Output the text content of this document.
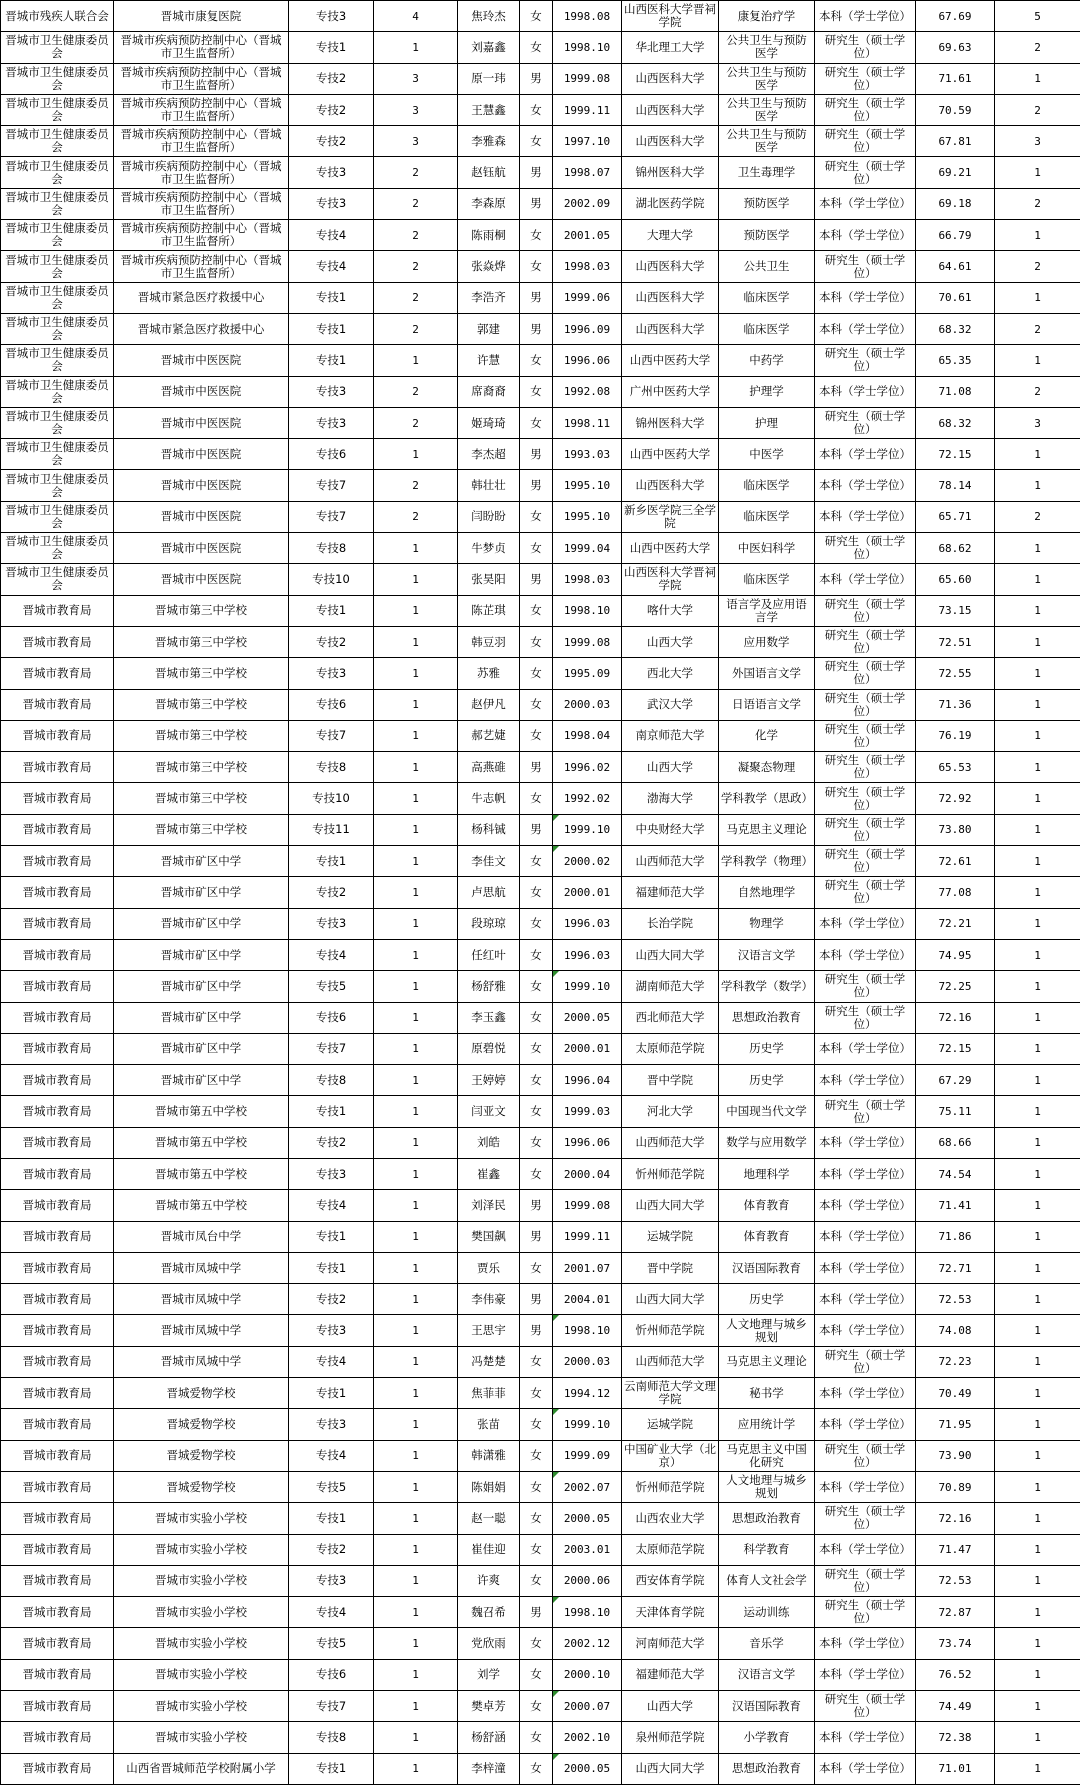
晋城市残疾人联合会	晋城市康复医院	专技3	4	焦玲杰	女	1998.08	山西医科大学晋祠学院	康复治疗学	本科（学士学位）	67.69	5
晋城市卫生健康委员会	晋城市疾病预防控制中心（晋城市卫生监督所）	专技1	1	刘嘉鑫	女	1998.10	华北理工大学	公共卫生与预防医学	研究生（硕士学位）	69.63	2
晋城市卫生健康委员会	晋城市疾病预防控制中心（晋城市卫生监督所）	专技2	3	原一玮	男	1999.08	山西医科大学	公共卫生与预防医学	研究生（硕士学位）	71.61	1
晋城市卫生健康委员会	晋城市疾病预防控制中心（晋城市卫生监督所）	专技2	3	王慧鑫	女	1999.11	山西医科大学	公共卫生与预防医学	研究生（硕士学位）	70.59	2
晋城市卫生健康委员会	晋城市疾病预防控制中心（晋城市卫生监督所）	专技2	3	李雅森	女	1997.10	山西医科大学	公共卫生与预防医学	研究生（硕士学位）	67.81	3
晋城市卫生健康委员会	晋城市疾病预防控制中心（晋城市卫生监督所）	专技3	2	赵钰航	男	1998.07	锦州医科大学	卫生毒理学	研究生（硕士学位）	69.21	1
晋城市卫生健康委员会	晋城市疾病预防控制中心（晋城市卫生监督所）	专技3	2	李森原	男	2002.09	湖北医药学院	预防医学	本科（学士学位）	69.18	2
晋城市卫生健康委员会	晋城市疾病预防控制中心（晋城市卫生监督所）	专技4	2	陈雨桐	女	2001.05	大理大学	预防医学	本科（学士学位）	66.79	1
晋城市卫生健康委员会	晋城市疾病预防控制中心（晋城市卫生监督所）	专技4	2	张焱烨	女	1998.03	山西医科大学	公共卫生	研究生（硕士学位）	64.61	2
晋城市卫生健康委员会	晋城市紧急医疗救援中心	专技1	2	李浩齐	男	1999.06	山西医科大学	临床医学	本科（学士学位）	70.61	1
晋城市卫生健康委员会	晋城市紧急医疗救援中心	专技1	2	郭建	男	1996.09	山西医科大学	临床医学	本科（学士学位）	68.32	2
晋城市卫生健康委员会	晋城市中医医院	专技1	1	许慧	女	1996.06	山西中医药大学	中药学	研究生（硕士学位）	65.35	1
晋城市卫生健康委员会	晋城市中医医院	专技3	2	席裔裔	女	1992.08	广州中医药大学	护理学	本科（学士学位）	71.08	2
晋城市卫生健康委员会	晋城市中医医院	专技3	2	姬琦琦	女	1998.11	锦州医科大学	护理	研究生（硕士学位）	68.32	3
晋城市卫生健康委员会	晋城市中医医院	专技6	1	李杰超	男	1993.03	山西中医药大学	中医学	本科（学士学位）	72.15	1
晋城市卫生健康委员会	晋城市中医医院	专技7	2	韩壮壮	男	1995.10	山西医科大学	临床医学	本科（学士学位）	78.14	1
晋城市卫生健康委员会	晋城市中医医院	专技7	2	闫盼盼	女	1995.10	新乡医学院三全学院	临床医学	本科（学士学位）	65.71	2
晋城市卫生健康委员会	晋城市中医医院	专技8	1	牛梦贞	女	1999.04	山西中医药大学	中医妇科学	研究生（硕士学位）	68.62	1
晋城市卫生健康委员会	晋城市中医医院	专技10	1	张昊阳	男	1998.03	山西医科大学晋祠学院	临床医学	本科（学士学位）	65.60	1
晋城市教育局	晋城市第三中学校	专技1	1	陈芷琪	女	1998.10	喀什大学	语言学及应用语言学	研究生（硕士学位）	73.15	1
晋城市教育局	晋城市第三中学校	专技2	1	韩豆羽	女	1999.08	山西大学	应用数学	研究生（硕士学位）	72.51	1
晋城市教育局	晋城市第三中学校	专技3	1	苏雅	女	1995.09	西北大学	外国语言文学	研究生（硕士学位）	72.55	1
晋城市教育局	晋城市第三中学校	专技6	1	赵伊凡	女	2000.03	武汉大学	日语语言文学	研究生（硕士学位）	71.36	1
晋城市教育局	晋城市第三中学校	专技7	1	郝艺婕	女	1998.04	南京师范大学	化学	研究生（硕士学位）	76.19	1
晋城市教育局	晋城市第三中学校	专技8	1	高燕碓	男	1996.02	山西大学	凝聚态物理	研究生（硕士学位）	65.53	1
晋城市教育局	晋城市第三中学校	专技10	1	牛志帆	女	1992.02	渤海大学	学科教学（思政）	研究生（硕士学位）	72.92	1
晋城市教育局	晋城市第三中学校	专技11	1	杨科铖	男	1999.10	中央财经大学	马克思主义理论	研究生（硕士学位）	73.80	1
晋城市教育局	晋城市矿区中学	专技1	1	李佳文	女	2000.02	山西师范大学	学科教学（物理）	研究生（硕士学位）	72.61	1
晋城市教育局	晋城市矿区中学	专技2	1	卢思航	女	2000.01	福建师范大学	自然地理学	研究生（硕士学位）	77.08	1
晋城市教育局	晋城市矿区中学	专技3	1	段琼琼	女	1996.03	长治学院	物理学	本科（学士学位）	72.21	1
晋城市教育局	晋城市矿区中学	专技4	1	任红叶	女	1996.03	山西大同大学	汉语言文学	本科（学士学位）	74.95	1
晋城市教育局	晋城市矿区中学	专技5	1	杨舒雅	女	1999.10	湖南师范大学	学科教学（数学）	研究生（硕士学位）	72.25	1
晋城市教育局	晋城市矿区中学	专技6	1	李玉鑫	女	2000.05	西北师范大学	思想政治教育	研究生（硕士学位）	72.16	1
晋城市教育局	晋城市矿区中学	专技7	1	原碧悦	女	2000.01	太原师范学院	历史学	本科（学士学位）	72.15	1
晋城市教育局	晋城市矿区中学	专技8	1	王婷婷	女	1996.04	晋中学院	历史学	本科（学士学位）	67.29	1
晋城市教育局	晋城市第五中学校	专技1	1	闫亚文	女	1999.03	河北大学	中国现当代文学	研究生（硕士学位）	75.11	1
晋城市教育局	晋城市第五中学校	专技2	1	刘皓	女	1996.06	山西师范大学	数学与应用数学	本科（学士学位）	68.66	1
晋城市教育局	晋城市第五中学校	专技3	1	崔鑫	女	2000.04	忻州师范学院	地理科学	本科（学士学位）	74.54	1
晋城市教育局	晋城市第五中学校	专技4	1	刘泽民	男	1999.08	山西大同大学	体育教育	本科（学士学位）	71.41	1
晋城市教育局	晋城市凤台中学	专技1	1	樊国飙	男	1999.11	运城学院	体育教育	本科（学士学位）	71.86	1
晋城市教育局	晋城市凤城中学	专技1	1	贾乐	女	2001.07	晋中学院	汉语国际教育	本科（学士学位）	72.71	1
晋城市教育局	晋城市凤城中学	专技2	1	李伟豪	男	2004.01	山西大同大学	历史学	本科（学士学位）	72.53	1
晋城市教育局	晋城市凤城中学	专技3	1	王思宇	男	1998.10	忻州师范学院	人文地理与城乡规划	本科（学士学位）	74.08	1
晋城市教育局	晋城市凤城中学	专技4	1	冯楚楚	女	2000.03	山西师范大学	马克思主义理论	研究生（硕士学位）	72.23	1
晋城市教育局	晋城爱物学校	专技1	1	焦菲菲	女	1994.12	云南师范大学文理学院	秘书学	本科（学士学位）	70.49	1
晋城市教育局	晋城爱物学校	专技3	1	张苗	女	1999.10	运城学院	应用统计学	本科（学士学位）	71.95	1
晋城市教育局	晋城爱物学校	专技4	1	韩潇雅	女	1999.09	中国矿业大学（北京）	马克思主义中国化研究	研究生（硕士学位）	73.90	1
晋城市教育局	晋城爱物学校	专技5	1	陈娟娟	女	2002.07	忻州师范学院	人文地理与城乡规划	本科（学士学位）	70.89	1
晋城市教育局	晋城市实验小学校	专技1	1	赵一聪	女	2000.05	山西农业大学	思想政治教育	研究生（硕士学位）	72.16	1
晋城市教育局	晋城市实验小学校	专技2	1	崔佳迎	女	2003.01	太原师范学院	科学教育	本科（学士学位）	71.47	1
晋城市教育局	晋城市实验小学校	专技3	1	许爽	女	2000.06	西安体育学院	体育人文社会学	研究生（硕士学位）	72.53	1
晋城市教育局	晋城市实验小学校	专技4	1	魏召希	男	1998.10	天津体育学院	运动训练	研究生（硕士学位）	72.87	1
晋城市教育局	晋城市实验小学校	专技5	1	党欣雨	女	2002.12	河南师范大学	音乐学	本科（学士学位）	73.74	1
晋城市教育局	晋城市实验小学校	专技6	1	刘学	女	2000.10	福建师范大学	汉语言文学	本科（学士学位）	76.52	1
晋城市教育局	晋城市实验小学校	专技7	1	樊卓芳	女	2000.07	山西大学	汉语国际教育	研究生（硕士学位）	74.49	1
晋城市教育局	晋城市实验小学校	专技8	1	杨舒涵	女	2002.10	泉州师范学院	小学教育	本科（学士学位）	72.38	1
晋城市教育局	山西省晋城师范学校附属小学	专技1	1	李梓潼	女	2000.05	山西大同大学	思想政治教育	本科（学士学位）	71.01	1
